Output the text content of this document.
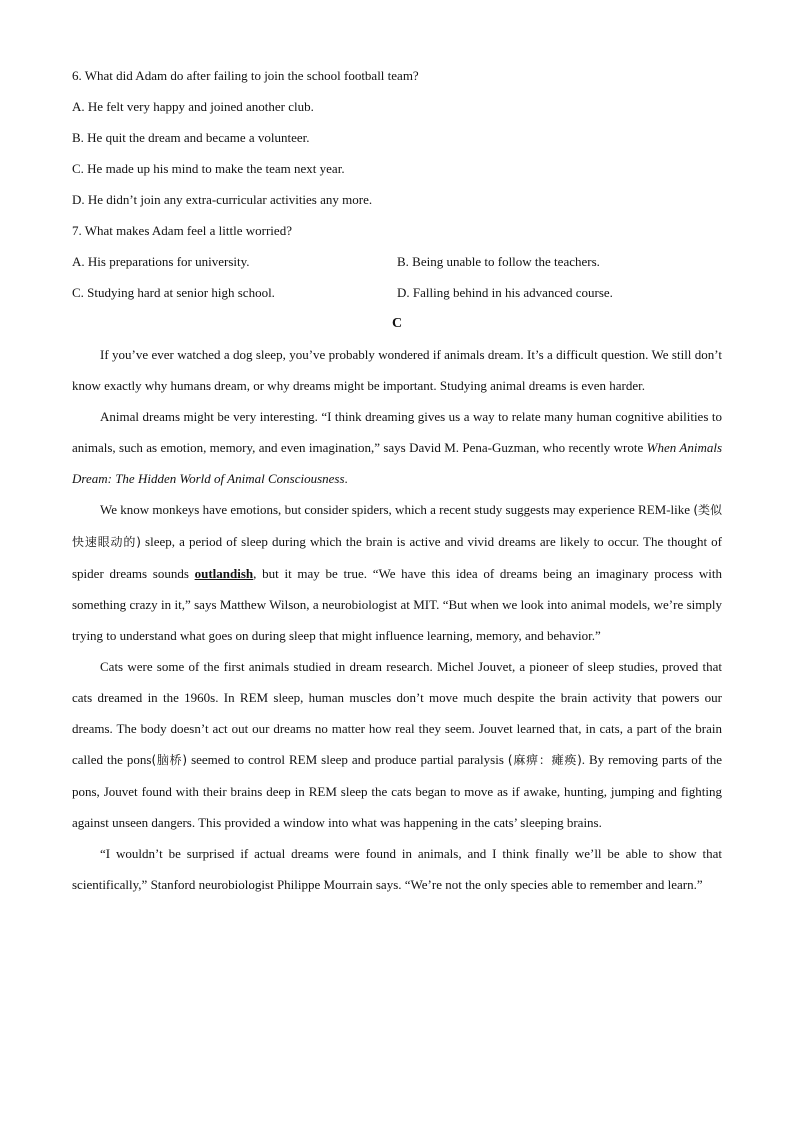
6. What did Adam do after failing to join the school football team?
A. He felt very happy and joined another club.
B. He quit the dream and became a volunteer.
C. He made up his mind to make the team next year.
D. He didn’t join any extra-curricular activities any more.
7. What makes Adam feel a little worried?
A. His preparations for university.	B. Being unable to follow the teachers.
C. Studying hard at senior high school.	D. Falling behind in his advanced course.
C

If you’ve ever watched a dog sleep, you’ve probably wondered if animals dream. It’s a difficult question. We still don’t know exactly why humans dream, or why dreams might be important. Studying animal dreams is even harder.

Animal dreams might be very interesting. “I think dreaming gives us a way to relate many human cognitive abilities to animals, such as emotion, memory, and even imagination,” says David M. Pena-Guzman, who recently wrote When Animals Dream: The Hidden World of Animal Consciousness.

We know monkeys have emotions, but consider spiders, which a recent study suggests may experience REM-like (类似快速眼动的) sleep, a period of sleep during which the brain is active and vivid dreams are likely to occur. The thought of spider dreams sounds outlandish, but it may be true. “We have this idea of dreams being an imaginary process with something crazy in it,” says Matthew Wilson, a neurobiologist at MIT. “But when we look into animal models, we’re simply trying to understand what goes on during sleep that might influence learning, memory, and behavior.”

Cats were some of the first animals studied in dream research. Michel Jouvet, a pioneer of sleep studies, proved that cats dreamed in the 1960s. In REM sleep, human muscles don’t move much despite the brain activity that powers our dreams. The body doesn’t act out our dreams no matter how real they seem. Jouvet learned that, in cats, a part of the brain called the pons(脑桥) seemed to control REM sleep and produce partial paralysis (麻痹：瘫痪). By removing parts of the pons, Jouvet found with their brains deep in REM sleep the cats began to move as if awake, hunting, jumping and fighting against unseen dangers. This provided a window into what was happening in the cats’ sleeping brains.

“I wouldn’t be surprised if actual dreams were found in animals, and I think finally we’ll be able to show that scientifically,” Stanford neurobiologist Philippe Mourrain says. “We’re not the only species able to remember and learn.”
